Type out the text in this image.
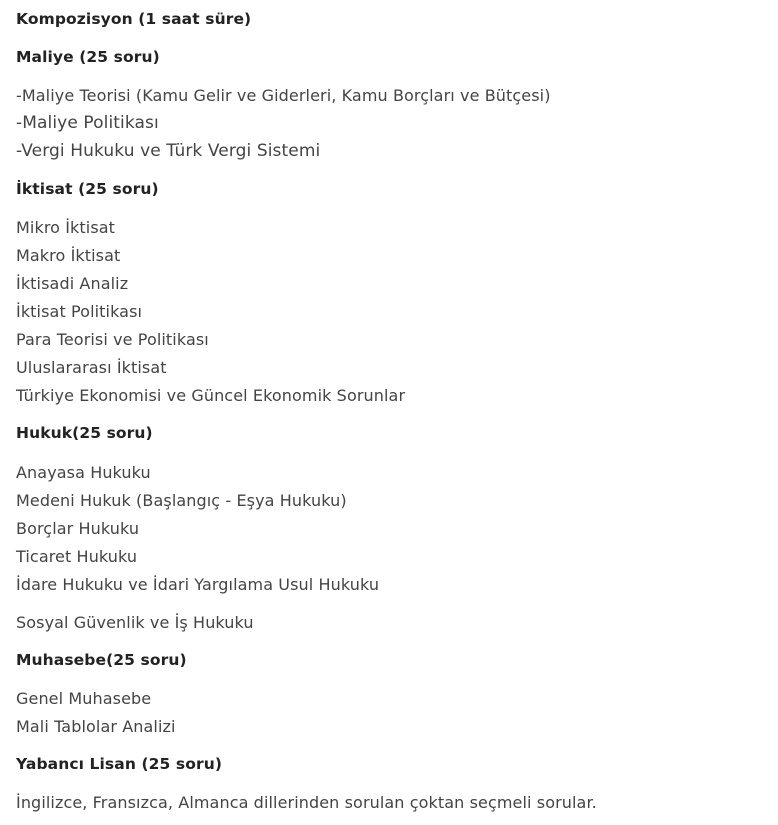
Kompozisyon (1 saat süre)
Maliye (25 soru)
-Maliye Teorisi (Kamu Gelir ve Giderleri, Kamu Borçları ve Bütçesi)
-Maliye Politikası
-Vergi Hukuku ve Türk Vergi Sistemi
İktisat (25 soru)
Mikro İktisat
Makro İktisat
İktisadi Analiz
İktisat Politikası
Para Teorisi ve Politikası
Uluslararası İktisat
Türkiye Ekonomisi ve Güncel Ekonomik Sorunlar
Hukuk(25 soru)
Anayasa Hukuku
Medeni Hukuk (Başlangıç - Eşya Hukuku)
Borçlar Hukuku
Ticaret Hukuku
İdare Hukuku ve İdari Yargılama Usul Hukuku
Sosyal Güvenlik ve İş Hukuku
Muhasebe(25 soru)
Genel Muhasebe
Mali Tablolar Analizi
Yabancı Lisan (25 soru)
İngilizce, Fransızca, Almanca dillerinden sorulan çoktan seçmeli sorular.
